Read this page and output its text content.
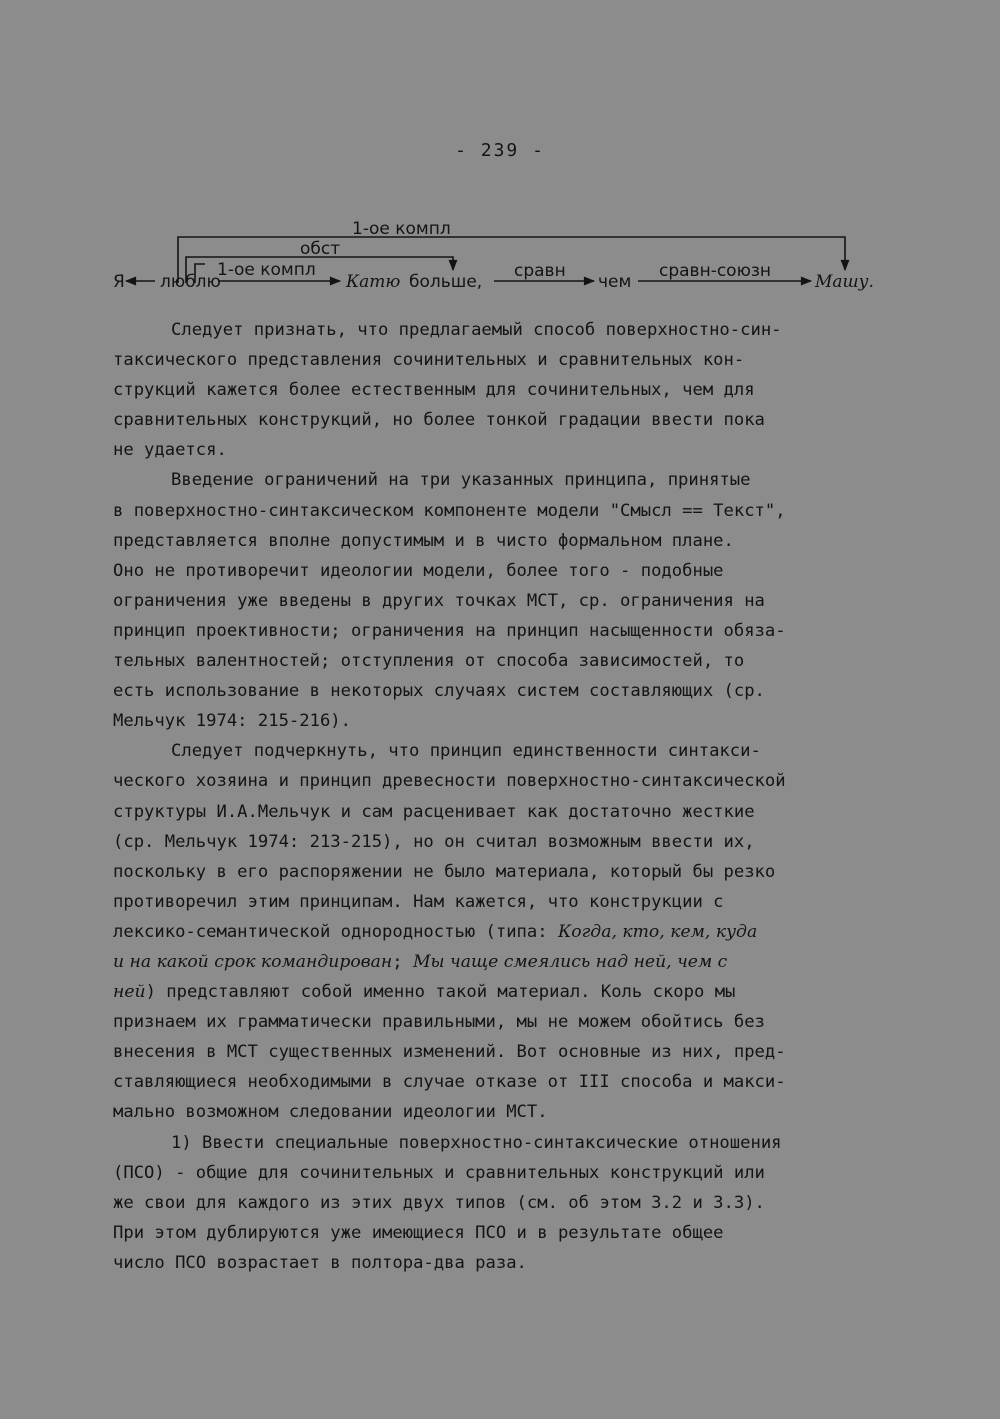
- 239 -
1-ое компл
обст
1-ое компл	сравн	сравн-союзн
Я люблю	Катю больше,	чем	Машу.
Следует признать, что предлагаемый способ поверхностно-син-
таксического представления сочинительных и сравнительных кон-
струкций кажется более естественным для сочинительных, чем для
сравнительных конструкций, но более тонкой градации ввести пока
не удается.
Введение ограничений на три указанных принципа, принятые
в поверхностно-синтаксическом компоненте модели "Смысл == Текст",
представляется вполне допустимым и в чисто формальном плане.
Оно не противоречит идеологии модели, более того - подобные
ограничения уже введены в других точках МСТ, ср. ограничения на
принцип проективности; ограничения на принцип насыщенности обяза-
тельных валентностей; отступления от способа зависимостей, то
есть использование в некоторых случаях систем составляющих (ср.
Мельчук 1974: 215-216).
Следует подчеркнуть, что принцип единственности синтакси-
ческого хозяина и принцип древесности поверхностно-синтаксической
структуры И.А.Мельчук и сам расценивает как достаточно жесткие
(ср. Мельчук 1974: 213-215), но он считал возможным ввести их,
поскольку в его распоряжении не было материала, который бы резко
противоречил этим принципам. Нам кажется, что конструкции с
лексико-семантической однородностью (типа: Когда, кто, кем, куда
и на какой срок командирован; Мы чаще смеялись над ней, чем с
ней) представляют собой именно такой материал. Коль скоро мы
признаем их грамматически правильными, мы не можем обойтись без
внесения в МСТ существенных изменений. Вот основные из них, пред-
ставляющиеся необходимыми в случае отказе от III способа и макси-
мально возможном следовании идеологии МСТ.
1) Ввести специальные поверхностно-синтаксические отношения
(ПСО) - общие для сочинительных и сравнительных конструкций или
же свои для каждого из этих двух типов (см. об этом 3.2 и 3.3).
При этом дублируются уже имеющиеся ПСО и в результате общее
число ПСО возрастает в полтора-два раза.
